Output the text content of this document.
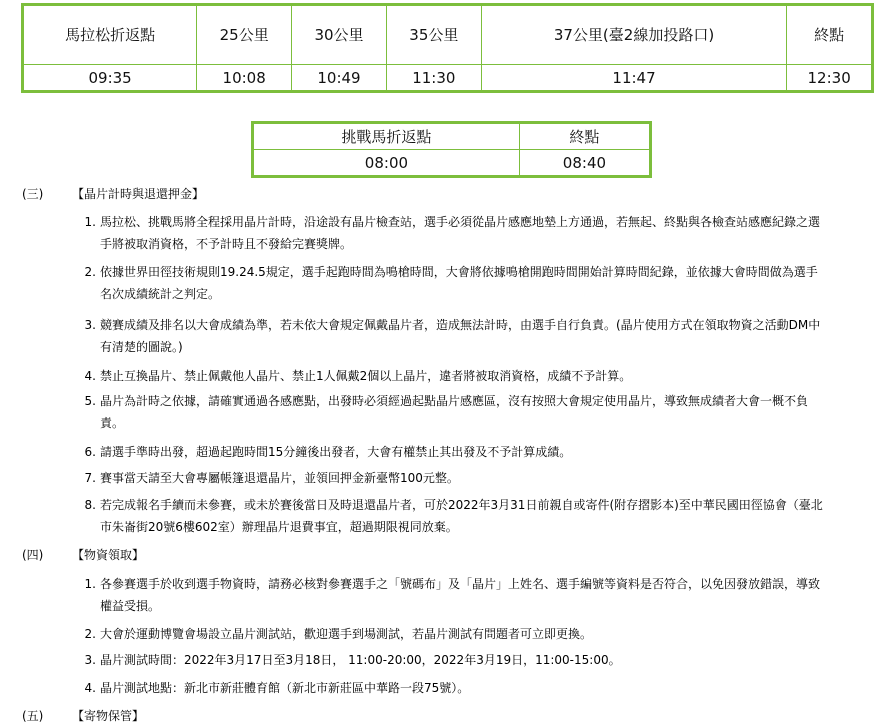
馬拉松折返點	25公里	30公里	35公里	37公里(臺2線加投路口)	終點
09:35	10:08	10:49	11:30	11:47	12:30
挑戰馬折返點	終點
08:00	08:40
(三) 【晶片計時與退還押金】
1. 馬拉松、挑戰馬將全程採用晶片計時，沿途設有晶片檢查站，選手必須從晶片感應地墊上方通過，若無起、終點與各檢查站感應紀錄之選
手將被取消資格，不予計時且不發給完賽獎牌。
2. 依據世界田徑技術規則19.24.5規定，選手起跑時間為鳴槍時間，大會將依據鳴槍開跑時間開始計算時間紀錄，並依據大會時間做為選手
名次成績統計之判定。
3. 競賽成績及排名以大會成績為準，若未依大會規定佩戴晶片者，造成無法計時，由選手自行負責。(晶片使用方式在領取物資之活動DM中
有清楚的圖說。)
4. 禁止互換晶片、禁止佩戴他人晶片、禁止1人佩戴2個以上晶片，違者將被取消資格，成績不予計算。
5. 晶片為計時之依據，請確實通過各感應點，出發時必須經過起點晶片感應區，沒有按照大會規定使用晶片，導致無成績者大會一概不負
責。
6. 請選手準時出發，超過起跑時間15分鐘後出發者，大會有權禁止其出發及不予計算成績。
7. 賽事當天請至大會專屬帳篷退還晶片，並領回押金新臺幣100元整。
8. 若完成報名手續而未參賽，或未於賽後當日及時退還晶片者，可於2022年3月31日前親自或寄件(附存摺影本)至中華民國田徑協會（臺北
市朱崙街20號6樓602室）辦理晶片退費事宜，超過期限視同放棄。
(四) 【物資領取】
1. 各參賽選手於收到選手物資時，請務必核對參賽選手之「號碼布」及「晶片」上姓名、選手編號等資料是否符合，以免因發放錯誤，導致
權益受損。
2. 大會於運動博覽會場設立晶片測試站，歡迎選手到場測試，若晶片測試有問題者可立即更換。
3. 晶片測試時間：2022年3月17日至3月18日， 11:00-20:00，2022年3月19日，11:00-15:00。
4. 晶片測試地點：新北市新莊體育館（新北市新莊區中華路一段75號）。
(五) 【寄物保管】
